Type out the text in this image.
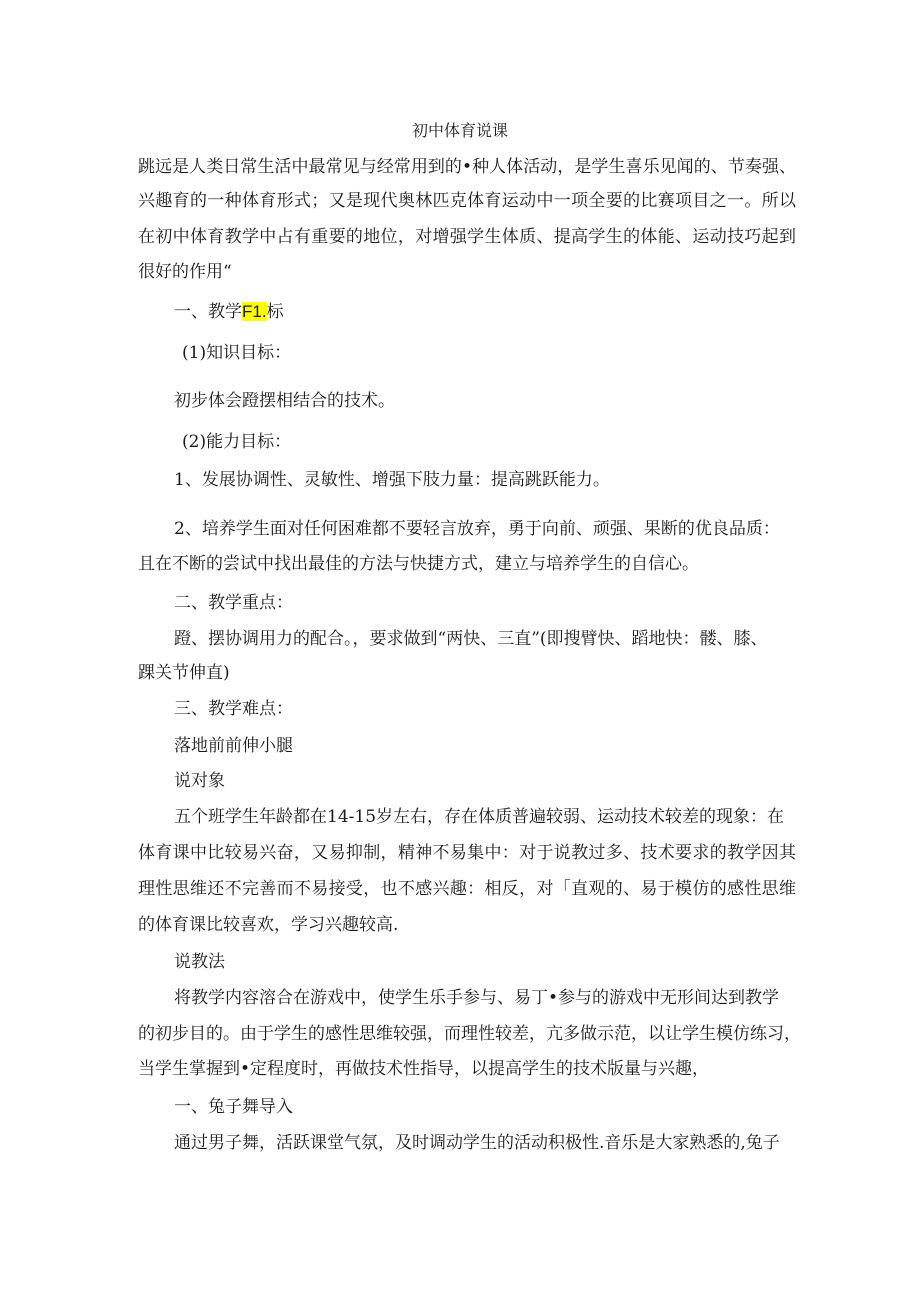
初中体育说课
跳远是人类日常生活中最常见与经常用到的•种人体活动，是学生喜乐见闻的、节奏强、
兴趣育的一种体育形式；又是现代奥林匹克体育运动中一项全要的比赛项目之一。所以
在初中体育教学中占有重要的地位，对增强学生体质、提高学生的体能、运动技巧起到
很好的作用“
一、教学F1.标
(1)知识目标：
初步体会蹬摆相结合的技术。
(2)能力目标：
1、发展协调性、灵敏性、增强下肢力量：提高跳跃能力。
2、培养学生面对任何困难都不要轻言放弃，勇于向前、顽强、果断的优良品质：
且在不断的尝试中找出最佳的方法与快捷方式，建立与培养学生的自信心。
二、教学重点：
蹬、摆协调用力的配合。，要求做到“两快、三直”(即搜臂快、蹈地快：髅、膝、
踝关节伸直)
三、教学难点：
落地前前伸小腿
说对象
五个班学生年龄都在14-15岁左右，存在体质普遍较弱、运动技术较差的现象：在
体育课中比较易兴奋，又易抑制，精神不易集中：对于说教过多、技术要求的教学因其
理性思维还不完善而不易接受，也不感兴趣：相反，对「直观的、易于模仿的感性思维
的体育课比较喜欢，学习兴趣较高.
说教法
将教学内容溶合在游戏中，使学生乐手参与、易丁•参与的游戏中无形间达到教学
的初步目的。由于学生的感性思维较强，而理性较差，亢多做示范，以让学生模仿练习，
当学生掌握到•定程度时，再做技术性指导，以提高学生的技术版量与兴趣，
一、兔子舞导入
通过男子舞，活跃课堂气氛，及时调动学生的活动积极性.音乐是大家熟悉的,兔子
